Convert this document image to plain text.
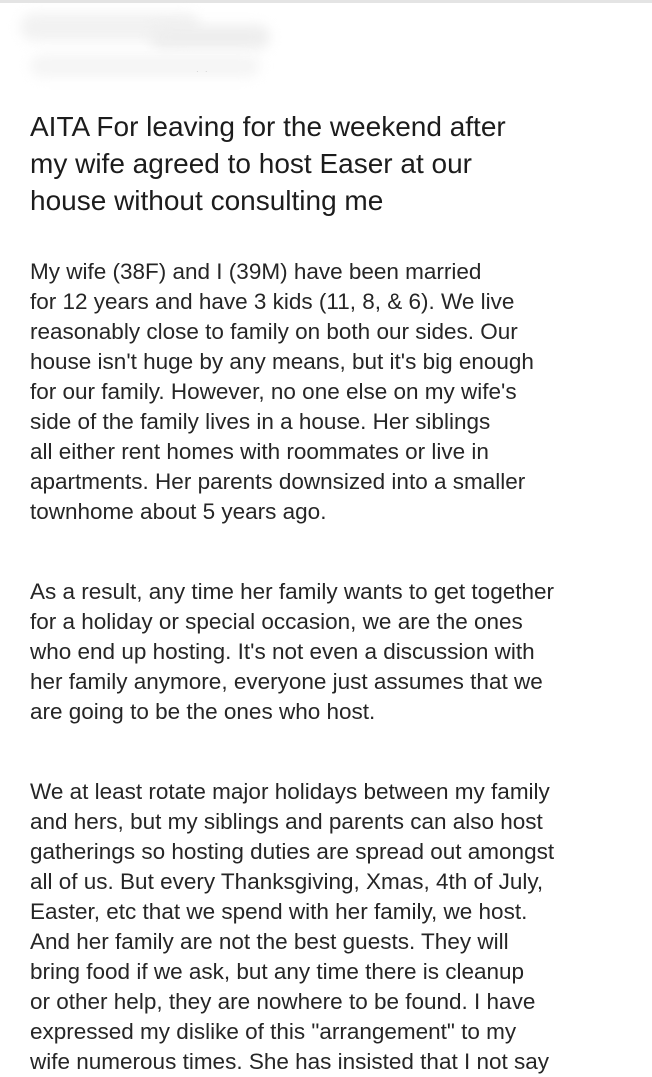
· ·
AITA For leaving for the weekend after
my wife agreed to host Easer at our
house without consulting me

My wife (38F) and I (39M) have been married
for 12 years and have 3 kids (11, 8, & 6). We live
reasonably close to family on both our sides. Our
house isn't huge by any means, but it's big enough
for our family. However, no one else on my wife's
side of the family lives in a house. Her siblings
all either rent homes with roommates or live in
apartments. Her parents downsized into a smaller
townhome about 5 years ago.

As a result, any time her family wants to get together
for a holiday or special occasion, we are the ones
who end up hosting. It's not even a discussion with
her family anymore, everyone just assumes that we
are going to be the ones who host.

We at least rotate major holidays between my family
and hers, but my siblings and parents can also host
gatherings so hosting duties are spread out amongst
all of us. But every Thanksgiving, Xmas, 4th of July,
Easter, etc that we spend with her family, we host.
And her family are not the best guests. They will
bring food if we ask, but any time there is cleanup
or other help, they are nowhere to be found. I have
expressed my dislike of this "arrangement" to my
wife numerous times. She has insisted that I not say
